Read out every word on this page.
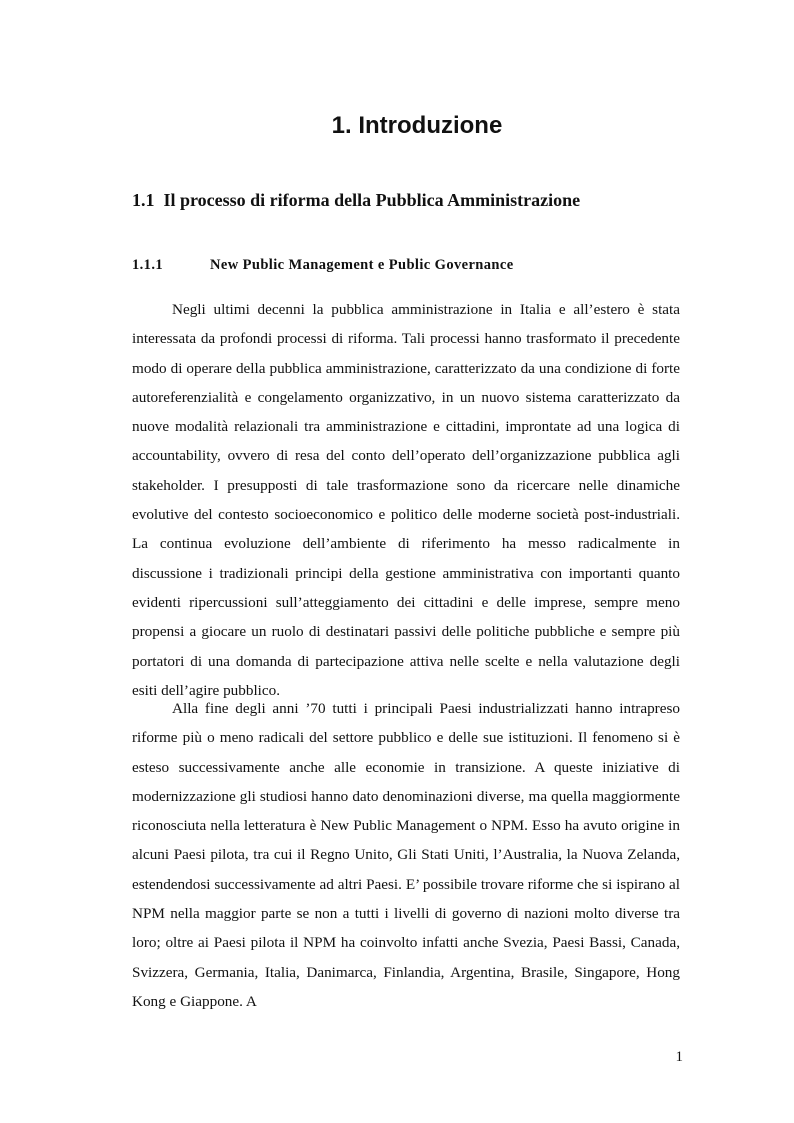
1. Introduzione
1.1 Il processo di riforma della Pubblica Amministrazione
1.1.1	New Public Management e Public Governance

Negli ultimi decenni la pubblica amministrazione in Italia e all’estero è stata interessata da profondi processi di riforma. Tali processi hanno trasformato il precedente modo di operare della pubblica amministrazione, caratterizzato da una condizione di forte autoreferenzialità e congelamento organizzativo, in un nuovo sistema caratterizzato da nuove modalità relazionali tra amministrazione e cittadini, improntate ad una logica di accountability, ovvero di resa del conto dell’operato dell’organizzazione pubblica agli stakeholder. I presupposti di tale trasformazione sono da ricercare nelle dinamiche evolutive del contesto socioeconomico e politico delle moderne società post-industriali. La continua evoluzione dell’ambiente di riferimento ha messo radicalmente in discussione i tradizionali principi della gestione amministrativa con importanti quanto evidenti ripercussioni sull’atteggiamento dei cittadini e delle imprese, sempre meno propensi a giocare un ruolo di destinatari passivi delle politiche pubbliche e sempre più portatori di una domanda di partecipazione attiva nelle scelte e nella valutazione degli esiti dell’agire pubblico.

Alla fine degli anni ’70 tutti i principali Paesi industrializzati hanno intrapreso riforme più o meno radicali del settore pubblico e delle sue istituzioni. Il fenomeno si è esteso successivamente anche alle economie in transizione. A queste iniziative di modernizzazione gli studiosi hanno dato denominazioni diverse, ma quella maggiormente riconosciuta nella letteratura è New Public Management o NPM. Esso ha avuto origine in alcuni Paesi pilota, tra cui il Regno Unito, Gli Stati Uniti, l’Australia, la Nuova Zelanda, estendendosi successivamente ad altri Paesi. E’ possibile trovare riforme che si ispirano al NPM nella maggior parte se non a tutti i livelli di governo di nazioni molto diverse tra loro; oltre ai Paesi pilota il NPM ha coinvolto infatti anche Svezia, Paesi Bassi, Canada, Svizzera, Germania, Italia, Danimarca, Finlandia, Argentina, Brasile, Singapore, Hong Kong e Giappone. A

1
